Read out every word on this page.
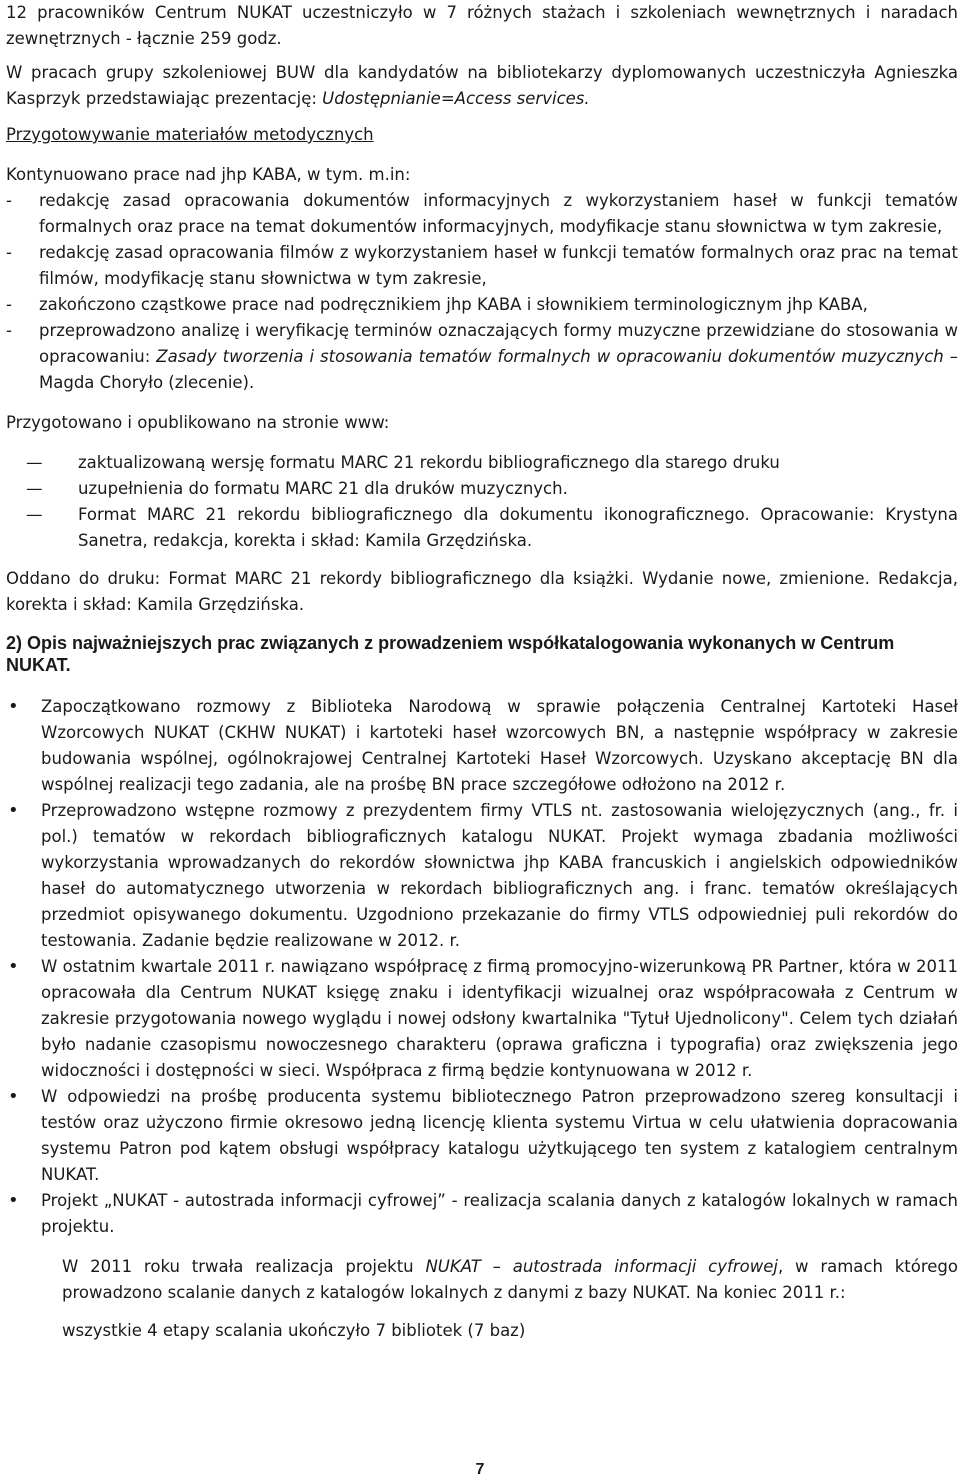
12 pracowników Centrum NUKAT uczestniczyło w 7 różnych stażach i szkoleniach wewnętrznych i naradach zewnętrznych - łącznie 259 godz.

W pracach grupy szkoleniowej BUW dla kandydatów na bibliotekarzy dyplomowanych uczestniczyła Agnieszka Kasprzyk przedstawiając prezentację: Udostępnianie=Access services.

Przygotowywanie materiałów metodycznych

Kontynuowano prace nad jhp KABA, w tym. m.in:

- redakcję zasad opracowania dokumentów informacyjnych z wykorzystaniem haseł w funkcji tematów formalnych oraz prace na temat dokumentów informacyjnych, modyfikacje stanu słownictwa w tym zakresie,
- redakcję zasad opracowania filmów z wykorzystaniem haseł w funkcji tematów formalnych oraz prac na temat filmów, modyfikację stanu słownictwa w tym zakresie,
- zakończono cząstkowe prace nad podręcznikiem jhp KABA i słownikiem terminologicznym jhp KABA,
- przeprowadzono analizę i weryfikację terminów oznaczających formy muzyczne przewidziane do stosowania w opracowaniu: Zasady tworzenia i stosowania tematów formalnych w opracowaniu dokumentów muzycznych – Magda Choryło (zlecenie).

Przygotowano i opublikowano na stronie www:

— zaktualizowaną wersję formatu MARC 21 rekordu bibliograficznego dla starego druku
— uzupełnienia do formatu MARC 21 dla druków muzycznych.
— Format MARC 21 rekordu bibliograficznego dla dokumentu ikonograficznego. Opracowanie: Krystyna Sanetra, redakcja, korekta i skład: Kamila Grzędzińska.

Oddano do druku: Format MARC 21 rekordy bibliograficznego dla książki. Wydanie nowe, zmienione. Redakcja, korekta i skład: Kamila Grzędzińska.

2) Opis najważniejszych prac związanych z prowadzeniem współkatalogowania wykonanych w Centrum NUKAT.
• Zapoczątkowano rozmowy z Biblioteka Narodową w sprawie połączenia Centralnej Kartoteki Haseł Wzorcowych NUKAT (CKHW NUKAT) i kartoteki haseł wzorcowych BN, a następnie współpracy w zakresie budowania wspólnej, ogólnokrajowej Centralnej Kartoteki Haseł Wzorcowych. Uzyskano akceptację BN dla wspólnej realizacji tego zadania, ale na prośbę BN prace szczegółowe odłożono na 2012 r.
• Przeprowadzono wstępne rozmowy z prezydentem firmy VTLS nt. zastosowania wielojęzycznych (ang., fr. i pol.) tematów w rekordach bibliograficznych katalogu NUKAT. Projekt wymaga zbadania możliwości wykorzystania wprowadzanych do rekordów słownictwa jhp KABA francuskich i angielskich odpowiedników haseł do automatycznego utworzenia w rekordach bibliograficznych ang. i franc. tematów określających przedmiot opisywanego dokumentu. Uzgodniono przekazanie do firmy VTLS odpowiedniej puli rekordów do testowania. Zadanie będzie realizowane w 2012. r.
• W ostatnim kwartale 2011 r. nawiązano współpracę z firmą promocyjno-wizerunkową PR Partner, która w 2011 opracowała dla Centrum NUKAT księgę znaku i identyfikacji wizualnej oraz współpracowała z Centrum w zakresie przygotowania nowego wyglądu i nowej odsłony kwartalnika "Tytuł Ujednolicony". Celem tych działań było nadanie czasopismu nowoczesnego charakteru (oprawa graficzna i typografia) oraz zwiększenia jego widoczności i dostępności w sieci. Współpraca z firmą będzie kontynuowana w 2012 r.
• W odpowiedzi na prośbę producenta systemu bibliotecznego Patron przeprowadzono szereg konsultacji i testów oraz użyczono firmie okresowo jedną licencję klienta systemu Virtua w celu ułatwienia dopracowania systemu Patron pod kątem obsługi współpracy katalogu użytkującego ten system z katalogiem centralnym NUKAT.
• Projekt „NUKAT - autostrada informacji cyfrowej” - realizacja scalania danych z katalogów lokalnych w ramach projektu.

W 2011 roku trwała realizacja projektu NUKAT – autostrada informacji cyfrowej, w ramach którego prowadzono scalanie danych z katalogów lokalnych z danymi z bazy NUKAT. Na koniec 2011 r.:

wszystkie 4 etapy scalania ukończyło 7 bibliotek (7 baz)

7
